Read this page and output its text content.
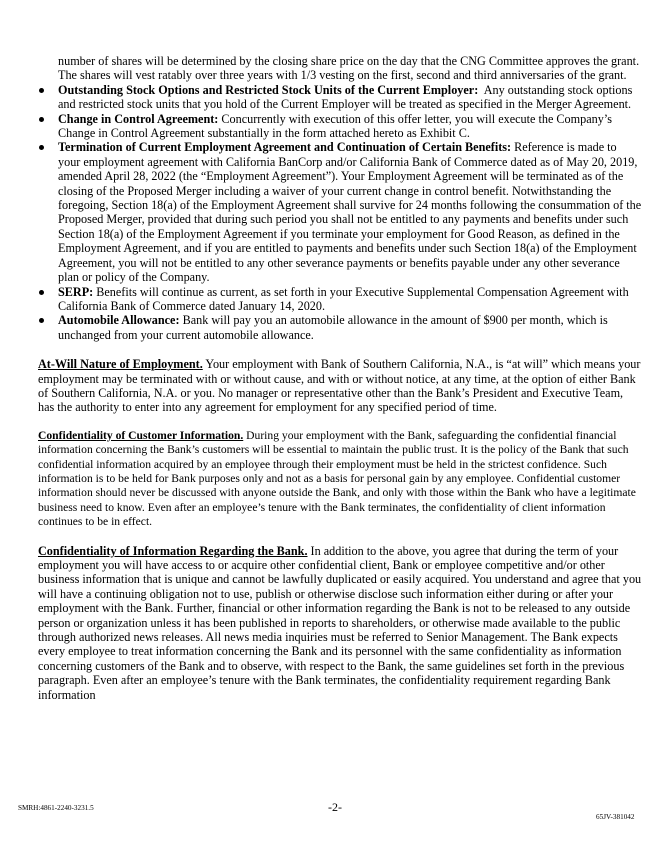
number of shares will be determined by the closing share price on the day that the CNG Committee approves the grant. The shares will vest ratably over three years with 1/3 vesting on the first, second and third anniversaries of the grant.

Outstanding Stock Options and Restricted Stock Units of the Current Employer: Any outstanding stock options and restricted stock units that you hold of the Current Employer will be treated as specified in the Merger Agreement.
Change in Control Agreement: Concurrently with execution of this offer letter, you will execute the Company’s Change in Control Agreement substantially in the form attached hereto as Exhibit C.
Termination of Current Employment Agreement and Continuation of Certain Benefits: Reference is made to your employment agreement with California BanCorp and/or California Bank of Commerce dated as of May 20, 2019, amended April 28, 2022 (the “Employment Agreement”). Your Employment Agreement will be terminated as of the closing of the Proposed Merger including a waiver of your current change in control benefit. Notwithstanding the foregoing, Section 18(a) of the Employment Agreement shall survive for 24 months following the consummation of the Proposed Merger, provided that during such period you shall not be entitled to any payments and benefits under such Section 18(a) of the Employment Agreement if you terminate your employment for Good Reason, as defined in the Employment Agreement, and if you are entitled to payments and benefits under such Section 18(a) of the Employment Agreement, you will not be entitled to any other severance payments or benefits payable under any other severance plan or policy of the Company.
SERP: Benefits will continue as current, as set forth in your Executive Supplemental Compensation Agreement with California Bank of Commerce dated January 14, 2020.
Automobile Allowance: Bank will pay you an automobile allowance in the amount of $900 per month, which is unchanged from your current automobile allowance.

At-Will Nature of Employment. Your employment with Bank of Southern California, N.A., is “at will” which means your employment may be terminated with or without cause, and with or without notice, at any time, at the option of either Bank of Southern California, N.A. or you. No manager or representative other than the Bank’s President and Executive Team, has the authority to enter into any agreement for employment for any specified period of time.

Confidentiality of Customer Information. During your employment with the Bank, safeguarding the confidential financial information concerning the Bank’s customers will be essential to maintain the public trust. It is the policy of the Bank that such confidential information acquired by an employee through their employment must be held in the strictest confidence. Such information is to be held for Bank purposes only and not as a basis for personal gain by any employee. Confidential customer information should never be discussed with anyone outside the Bank, and only with those within the Bank who have a legitimate business need to know. Even after an employee’s tenure with the Bank terminates, the confidentiality of client information continues to be in effect.

Confidentiality of Information Regarding the Bank. In addition to the above, you agree that during the term of your employment you will have access to or acquire other confidential client, Bank or employee competitive and/or other business information that is unique and cannot be lawfully duplicated or easily acquired. You understand and agree that you will have a continuing obligation not to use, publish or otherwise disclose such information either during or after your employment with the Bank. Further, financial or other information regarding the Bank is not to be released to any outside person or organization unless it has been published in reports to shareholders, or otherwise made available to the public through authorized news releases. All news media inquiries must be referred to Senior Management. The Bank expects every employee to treat information concerning the Bank and its personnel with the same confidentiality as information concerning customers of the Bank and to observe, with respect to the Bank, the same guidelines set forth in the previous paragraph. Even after an employee’s tenure with the Bank terminates, the confidentiality requirement regarding Bank information

SMRH:4861-2240-3231.5	-2-
65JV-381042
